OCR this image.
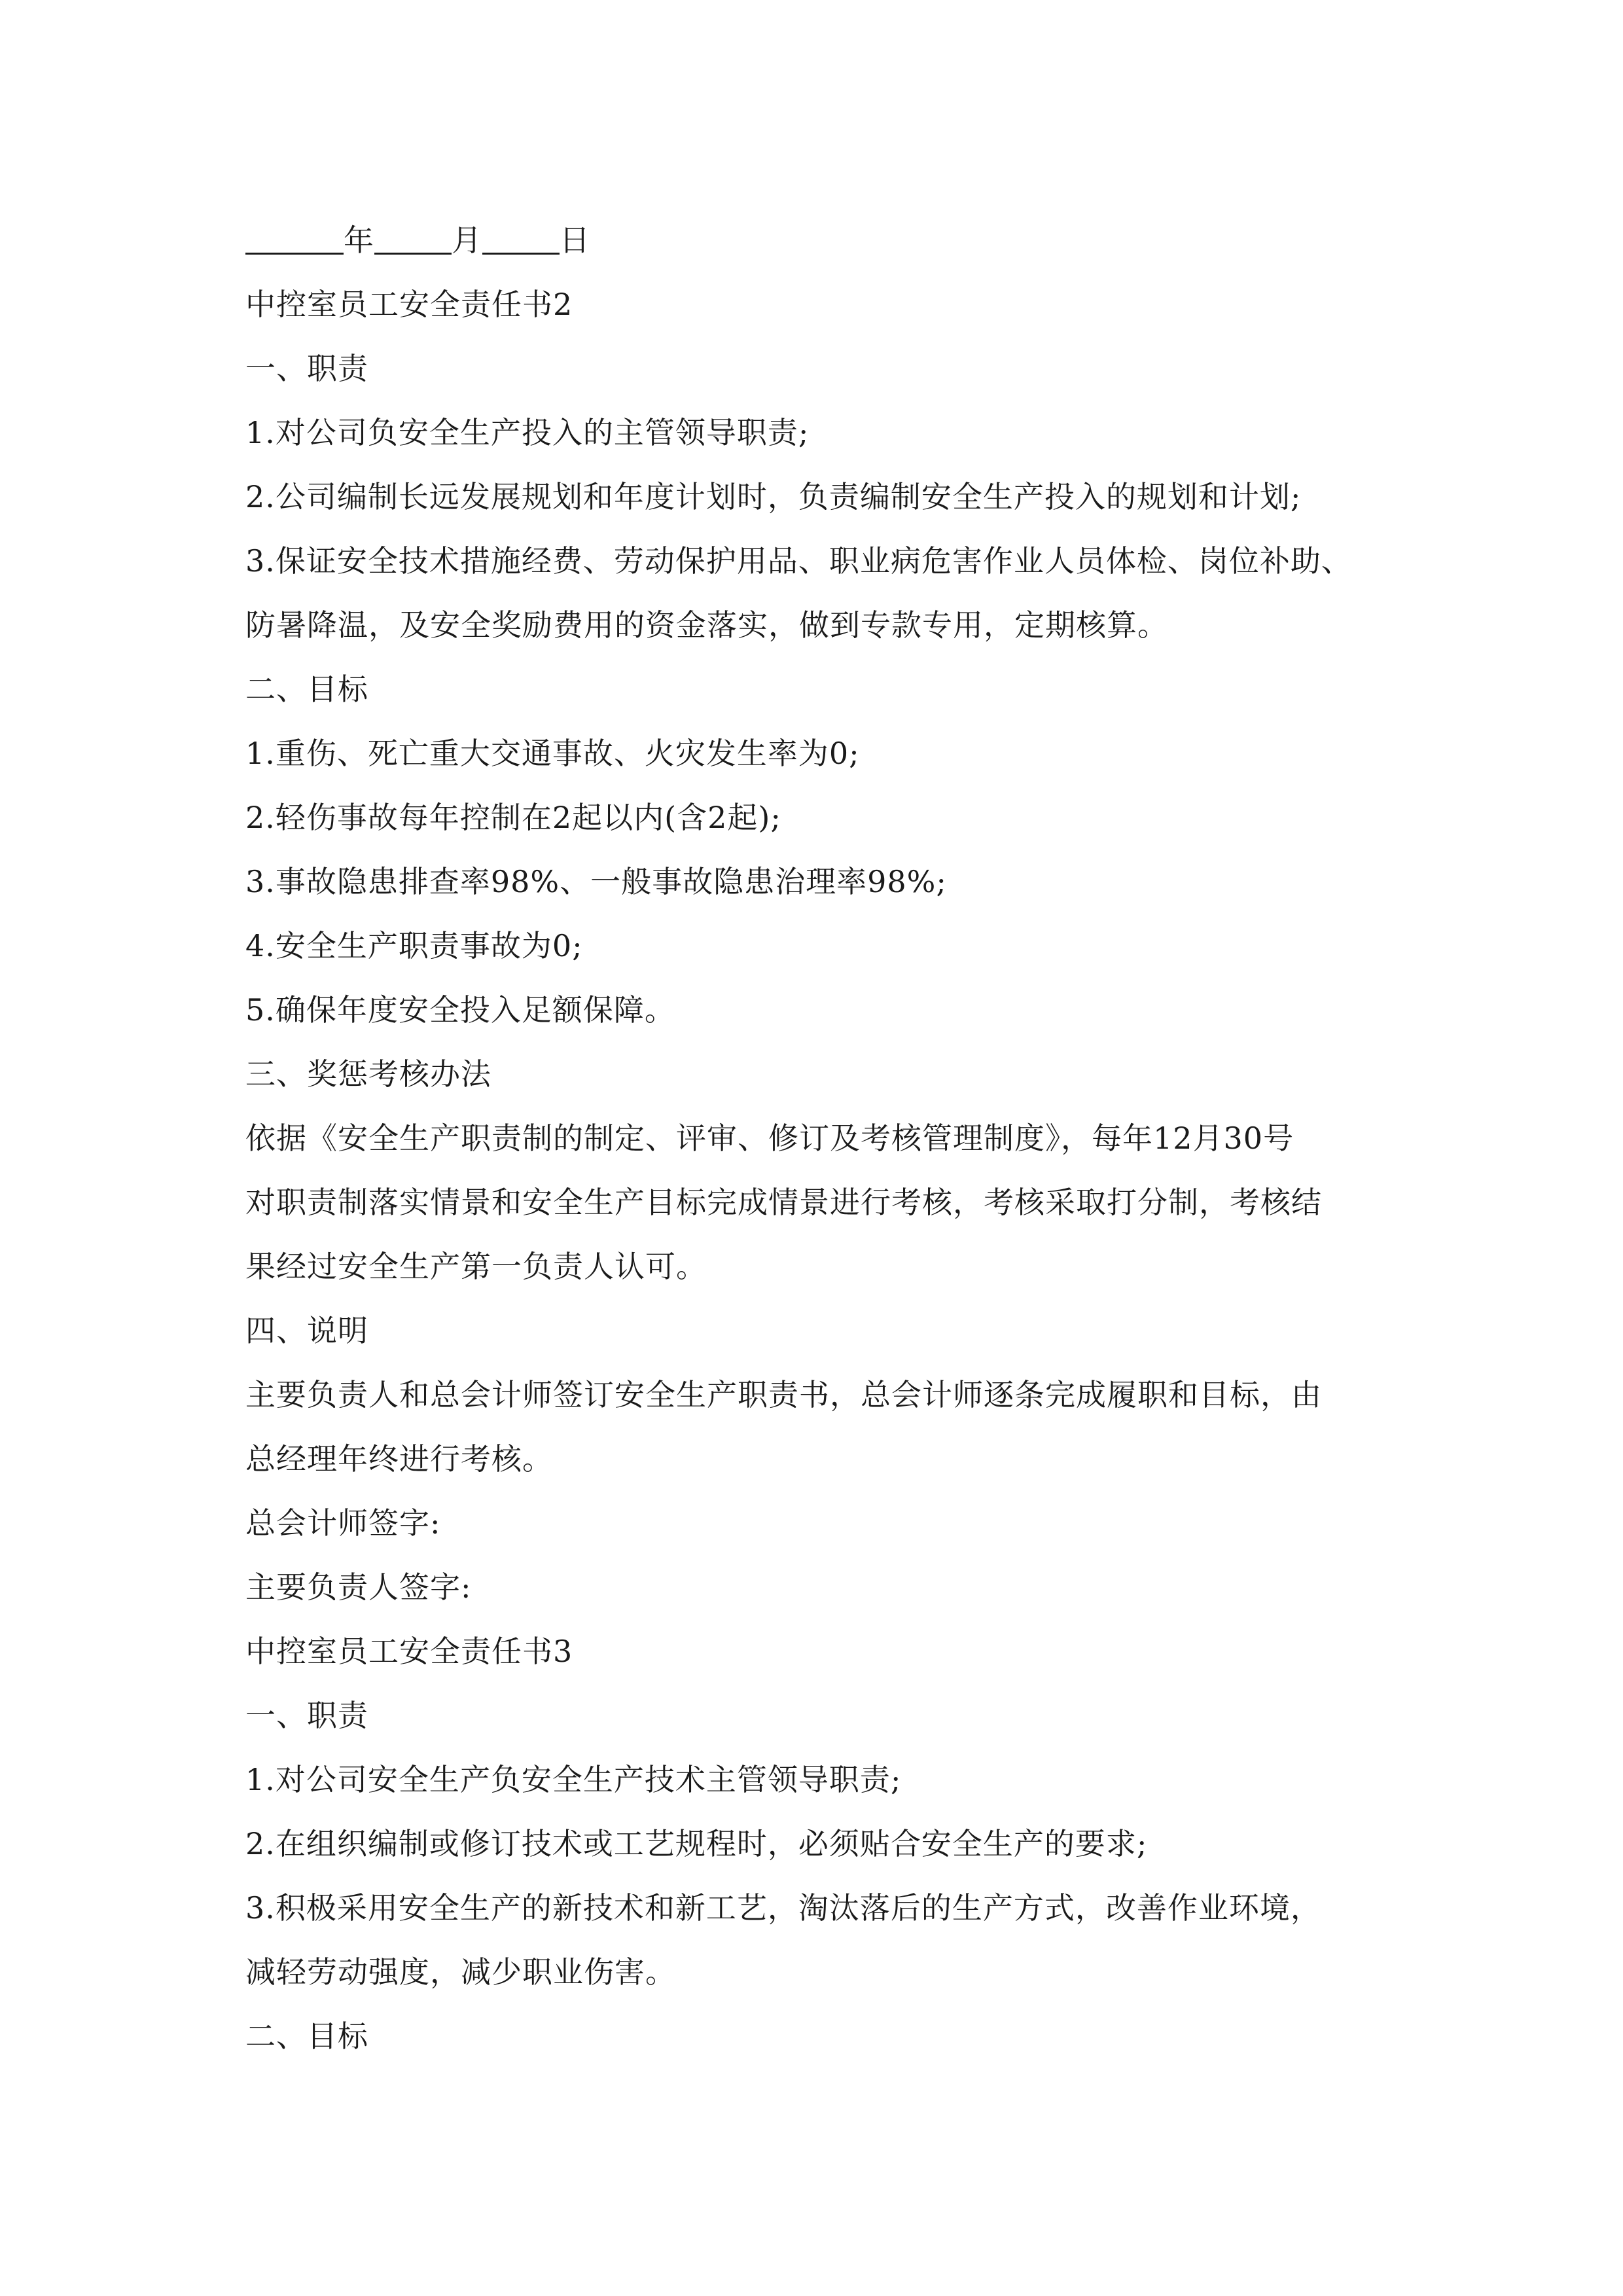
年	月	日
中控室员工安全责任书2
一、职责
1.对公司负安全生产投入的主管领导职责;
2.公司编制长远发展规划和年度计划时，负责编制安全生产投入的规划和计划;
3.保证安全技术措施经费、劳动保护用品、职业病危害作业人员体检、岗位补助、
防暑降温，及安全奖励费用的资金落实，做到专款专用，定期核算。
二、目标
1.重伤、死亡重大交通事故、火灾发生率为0;
2.轻伤事故每年控制在2起以内(含2起);
3.事故隐患排查率98%、一般事故隐患治理率98%;
4.安全生产职责事故为0;
5.确保年度安全投入足额保障。
三、奖惩考核办法
依据《安全生产职责制的制定、评审、修订及考核管理制度》，每年12月30号
对职责制落实情景和安全生产目标完成情景进行考核，考核采取打分制，考核结
果经过安全生产第一负责人认可。
四、说明
主要负责人和总会计师签订安全生产职责书，总会计师逐条完成履职和目标，由
总经理年终进行考核。
总会计师签字:
主要负责人签字:
中控室员工安全责任书3
一、职责
1.对公司安全生产负安全生产技术主管领导职责;
2.在组织编制或修订技术或工艺规程时，必须贴合安全生产的要求;
3.积极采用安全生产的新技术和新工艺，淘汰落后的生产方式，改善作业环境，
减轻劳动强度，减少职业伤害。
二、目标
